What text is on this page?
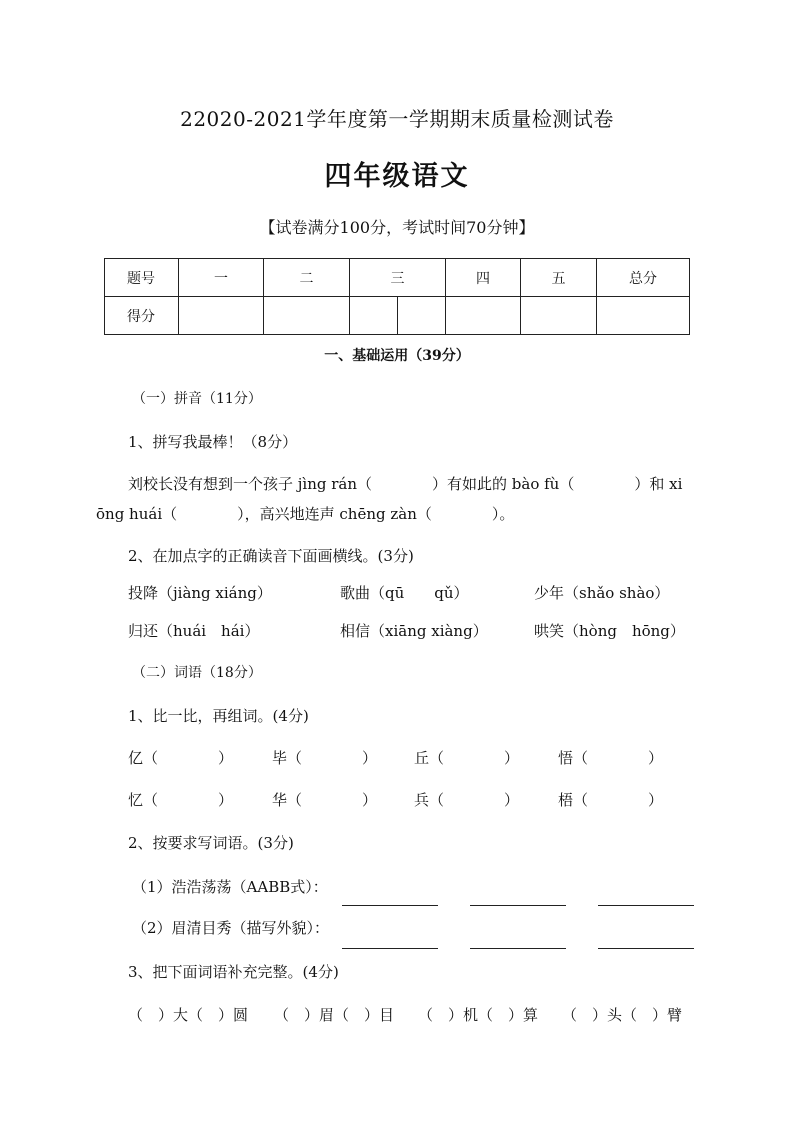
22020-2021学年度第一学期期末质量检测试卷
四年级语文
【试卷满分100分，考试时间70分钟】
题号	一	二	三		四	五	总分
得分							
一、基础运用（39分）
（一）拼音（11分）
1、拼写我最棒！（8分）
刘校长没有想到一个孩子 jìng rán（　　　　）有如此的 bào fù（　　　　）和 xi
ōng huái（　　　　），高兴地连声 chēng zàn（　　　　）。
2、在加点字的正确读音下面画横线。(3分)
投降（jiàng xiáng）	歌曲（qū　　qǔ）	少年（shǎo shào）
归还（huái　hái）	相信（xiāng xiàng）	哄笑（hòng　hōng）
（二）词语（18分）
1、比一比，再组词。(4分)
亿（　　　　）	毕（　　　　） 丘（　　　　）	悟（　　　　）
忆（　　　　）	华（　　　　） 兵（　　　　）	梧（　　　　）
2、按要求写词语。(3分)
（1）浩浩荡荡（AABB式）：
（2）眉清目秀（描写外貌）：
3、把下面词语补充完整。(4分)
（　）大（　）圆 （　）眉（　）目 （　）机（　）算 （　）头（　）臂
